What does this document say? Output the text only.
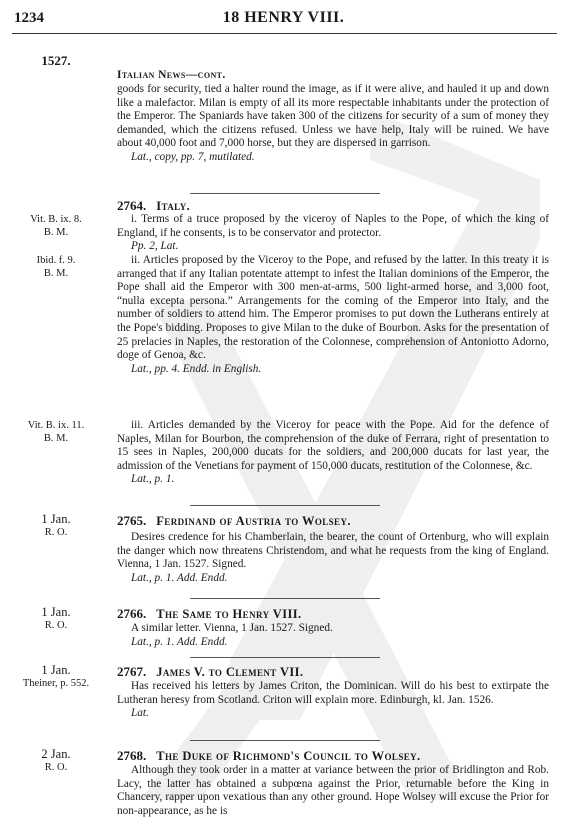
1234	18 HENRY VIII.
1527.
Italian News—cont.

goods for security, tied a halter round the image, as if it were alive, and hauled it up and down like a malefactor. Milan is empty of all its more respectable inhabitants under the protection of the Emperor. The Spaniards have taken 300 of the citizens for security of a sum of money they demanded, which the citizens refused. Unless we have help, Italy will be ruined. We have about 40,000 foot and 7,000 horse, but they are dispersed in garrison.

Lat., copy, pp. 7, mutilated.

2764. Italy.
Vit. B. ix. 8.
B. M.

i. Terms of a truce proposed by the viceroy of Naples to the Pope, of which the king of England, if he consents, is to be conservator and protector.

Pp. 2, Lat.

Ibid. f. 9.
B. M.

ii. Articles proposed by the Viceroy to the Pope, and refused by the latter. In this treaty it is arranged that if any Italian potentate attempt to infest the Italian dominions of the Emperor, the Pope shall aid the Emperor with 300 men-at-arms, 500 light-armed horse, and 3,000 foot, “nulla excepta persona.” Arrangements for the coming of the Emperor into Italy, and the number of soldiers to attend him. The Emperor promises to put down the Lutherans entirely at the Pope's bidding. Proposes to give Milan to the duke of Bourbon. Asks for the presentation of 25 prelacies in Naples, the restoration of the Colonnese, comprehension of Antoniotto Adorno, doge of Genoa, &c.

Lat., pp. 4. Endd. in English.

Vit. B. ix. 11.
B. M.

iii. Articles demanded by the Viceroy for peace with the Pope. Aid for the defence of Naples, Milan for Bourbon, the comprehension of the duke of Ferrara, right of presentation to 15 sees in Naples, 200,000 ducats for the soldiers, and 200,000 ducats for last year, the admission of the Venetians for payment of 150,000 ducats, restitution of the Colonnese, &c.

Lat., p. 1.

1 Jan.
R. O.
2765. Ferdinand of Austria to Wolsey.

Desires credence for his Chamberlain, the bearer, the count of Ortenburg, who will explain the danger which now threatens Christendom, and what he requests from the king of England. Vienna, 1 Jan. 1527. Signed.

Lat., p. 1. Add. Endd.

1 Jan.
R. O.
2766. The Same to Henry VIII.

A similar letter. Vienna, 1 Jan. 1527. Signed.

Lat., p. 1. Add. Endd.

1 Jan.
Theiner, p. 552.
2767. James V. to Clement VII.

Has received his letters by James Criton, the Dominican. Will do his best to extirpate the Lutheran heresy from Scotland. Criton will explain more. Edinburgh, kl. Jan. 1526.

Lat.

2 Jan.
R. O.
2768. The Duke of Richmond's Council to Wolsey.

Although they took order in a matter at variance between the prior of Bridlington and Rob. Lacy, the latter has obtained a subpœna against the Prior, returnable before the King in Chancery, rapper upon vexatious than any other ground. Hope Wolsey will excuse the Prior for non-appearance, as he is
